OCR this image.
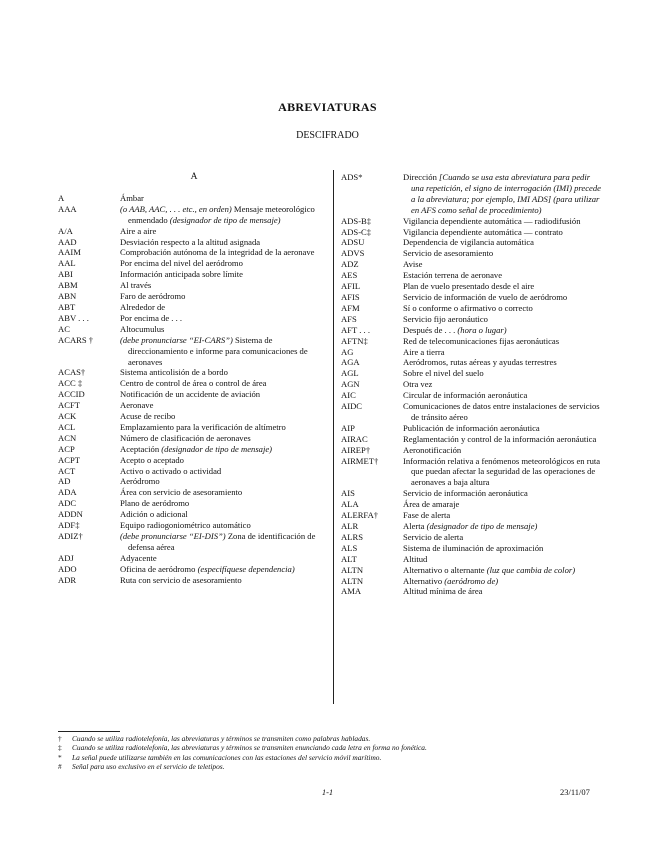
ABREVIATURAS
DESCIFRADO
A
A	Ámbar
AAA	(o AAB, AAC, . . . etc., en orden) Mensaje meteorológico enmendado (designador de tipo de mensaje)
A/A	Aire a aire
AAD	Desviación respecto a la altitud asignada
AAIM	Comprobación autónoma de la integridad de la aeronave
AAL	Por encima del nivel del aeródromo
ABI	Información anticipada sobre límite
ABM	Al través
ABN	Faro de aeródromo
ABT	Alrededor de
ABV . . .	Por encima de . . .
AC	Altocumulus
ACARS †	(debe pronunciarse “EI-CARS”) Sistema de direccionamiento e informe para comunicaciones de aeronaves
ACAS†	Sistema anticolisión de a bordo
ACC ‡	Centro de control de área o control de área
ACCID	Notificación de un accidente de aviación
ACFT	Aeronave
ACK	Acuse de recibo
ACL	Emplazamiento para la verificación de altímetro
ACN	Número de clasificación de aeronaves
ACP	Aceptación (designador de tipo de mensaje)
ACPT	Acepto o aceptado
ACT	Activo o activado o actividad
AD	Aeródromo
ADA	Área con servicio de asesoramiento
ADC	Plano de aeródromo
ADDN	Adición o adicional
ADF‡	Equipo radiogoniométrico automático
ADIZ†	(debe pronunciarse “EI-DIS”) Zona de identificación de defensa aérea
ADJ	Adyacente
ADO	Oficina de aeródromo (especifíquese dependencia)
ADR	Ruta con servicio de asesoramiento
ADS*	Dirección [Cuando se usa esta abreviatura para pedir una repetición, el signo de interrogación (IMI) precede a la abreviatura; por ejemplo, IMI ADS] (para utilizar en AFS como señal de procedimiento)
ADS-B‡	Vigilancia dependiente automática — radiodifusión
ADS-C‡	Vigilancia dependiente automática — contrato
ADSU	Dependencia de vigilancia automática
ADVS	Servicio de asesoramiento
ADZ	Avise
AES	Estación terrena de aeronave
AFIL	Plan de vuelo presentado desde el aire
AFIS	Servicio de información de vuelo de aeródromo
AFM	Sí o conforme o afirmativo o correcto
AFS	Servicio fijo aeronáutico
AFT . . .	Después de . . . (hora o lugar)
AFTN‡	Red de telecomunicaciones fijas aeronáuticas
AG	Aire a tierra
AGA	Aeródromos, rutas aéreas y ayudas terrestres
AGL	Sobre el nivel del suelo
AGN	Otra vez
AIC	Circular de información aeronáutica
AIDC	Comunicaciones de datos entre instalaciones de servicios de tránsito aéreo
AIP	Publicación de información aeronáutica
AIRAC	Reglamentación y control de la información aeronáutica
AIREP†	Aeronotificación
AIRMET†	Información relativa a fenómenos meteorológicos en ruta que puedan afectar la seguridad de las operaciones de aeronaves a baja altura
AIS	Servicio de información aeronáutica
ALA	Área de amaraje
ALERFA†	Fase de alerta
ALR	Alerta (designador de tipo de mensaje)
ALRS	Servicio de alerta
ALS	Sistema de iluminación de aproximación
ALT	Altitud
ALTN	Alternativo o alternante (luz que cambia de color)
ALTN	Alternativo (aeródromo de)
AMA	Altitud mínima de área
†	Cuando se utiliza radiotelefonía, las abreviaturas y términos se transmiten como palabras habladas.
‡	Cuando se utiliza radiotelefonía, las abreviaturas y términos se transmiten enunciando cada letra en forma no fonética.
*	La señal puede utilizarse también en las comunicaciones con las estaciones del servicio móvil marítimo.
#	Señal para uso exclusivo en el servicio de teletipos.
1-1	23/11/07
